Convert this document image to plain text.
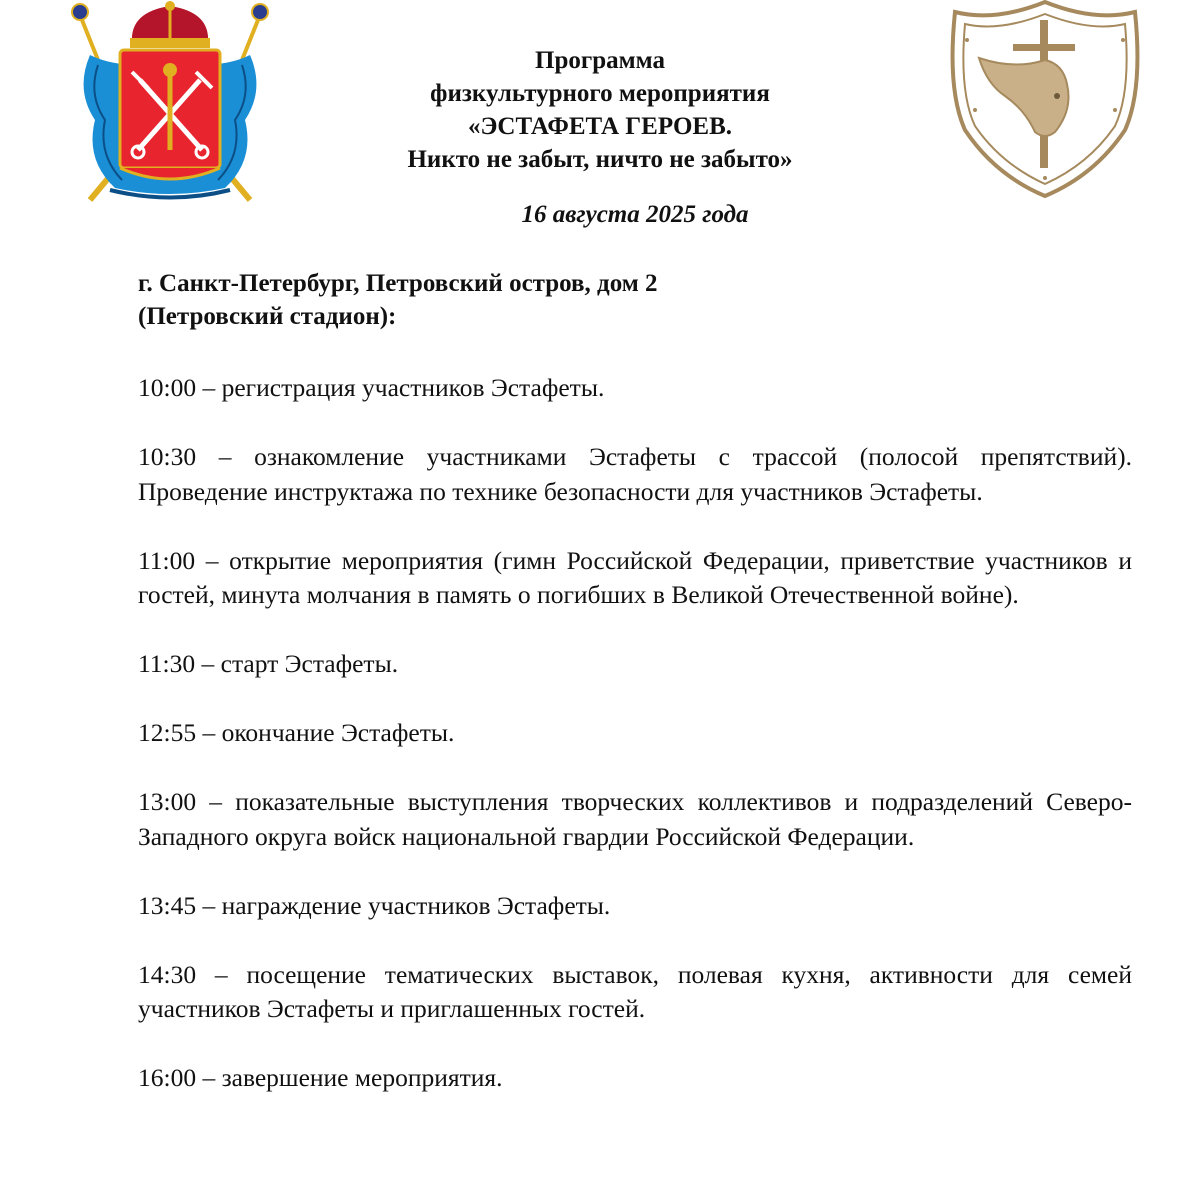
Программа
физкультурного мероприятия
«ЭСТАФЕТА ГЕРОЕВ.
Никто не забыт, ничто не забыто»
16 августа 2025 года
г. Санкт-Петербург, Петровский остров, дом 2
(Петровский стадион):
10:00 – регистрация участников Эстафеты.
10:30 – ознакомление участниками Эстафеты с трассой (полосой препятствий). Проведение инструктажа по технике безопасности для участников Эстафеты.
11:00 – открытие мероприятия (гимн Российской Федерации, приветствие участников и гостей, минута молчания в память о погибших в Великой Отечественной войне).
11:30 – старт Эстафеты.
12:55 – окончание Эстафеты.
13:00 – показательные выступления творческих коллективов и подразделений Северо-Западного округа войск национальной гвардии Российской Федерации.
13:45 – награждение участников Эстафеты.
14:30 – посещение тематических выставок, полевая кухня, активности для семей участников Эстафеты и приглашенных гостей.
16:00 – завершение мероприятия.
